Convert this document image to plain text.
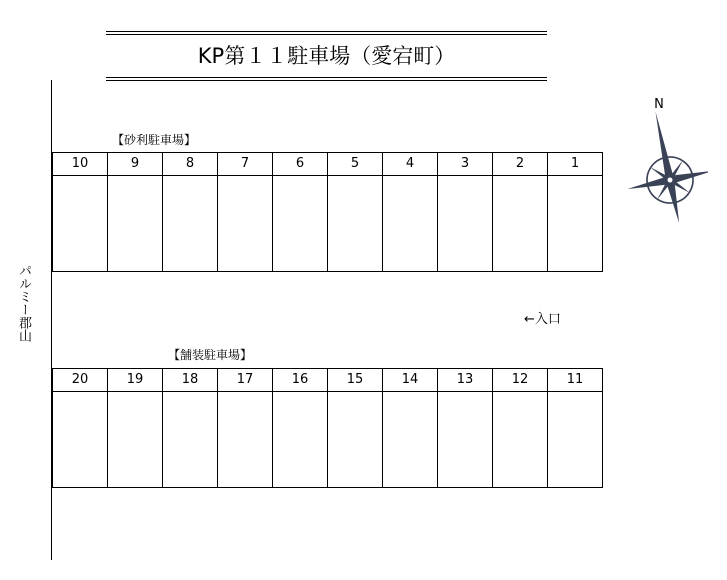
KP第１１駐車場（愛宕町）
パルミー郡山
【砂利駐車場】
10	9	8	7	6	5	4	3	2	1

←入口
【舗装駐車場】
20	19	18	17	16	15	14	13	12	11

N
